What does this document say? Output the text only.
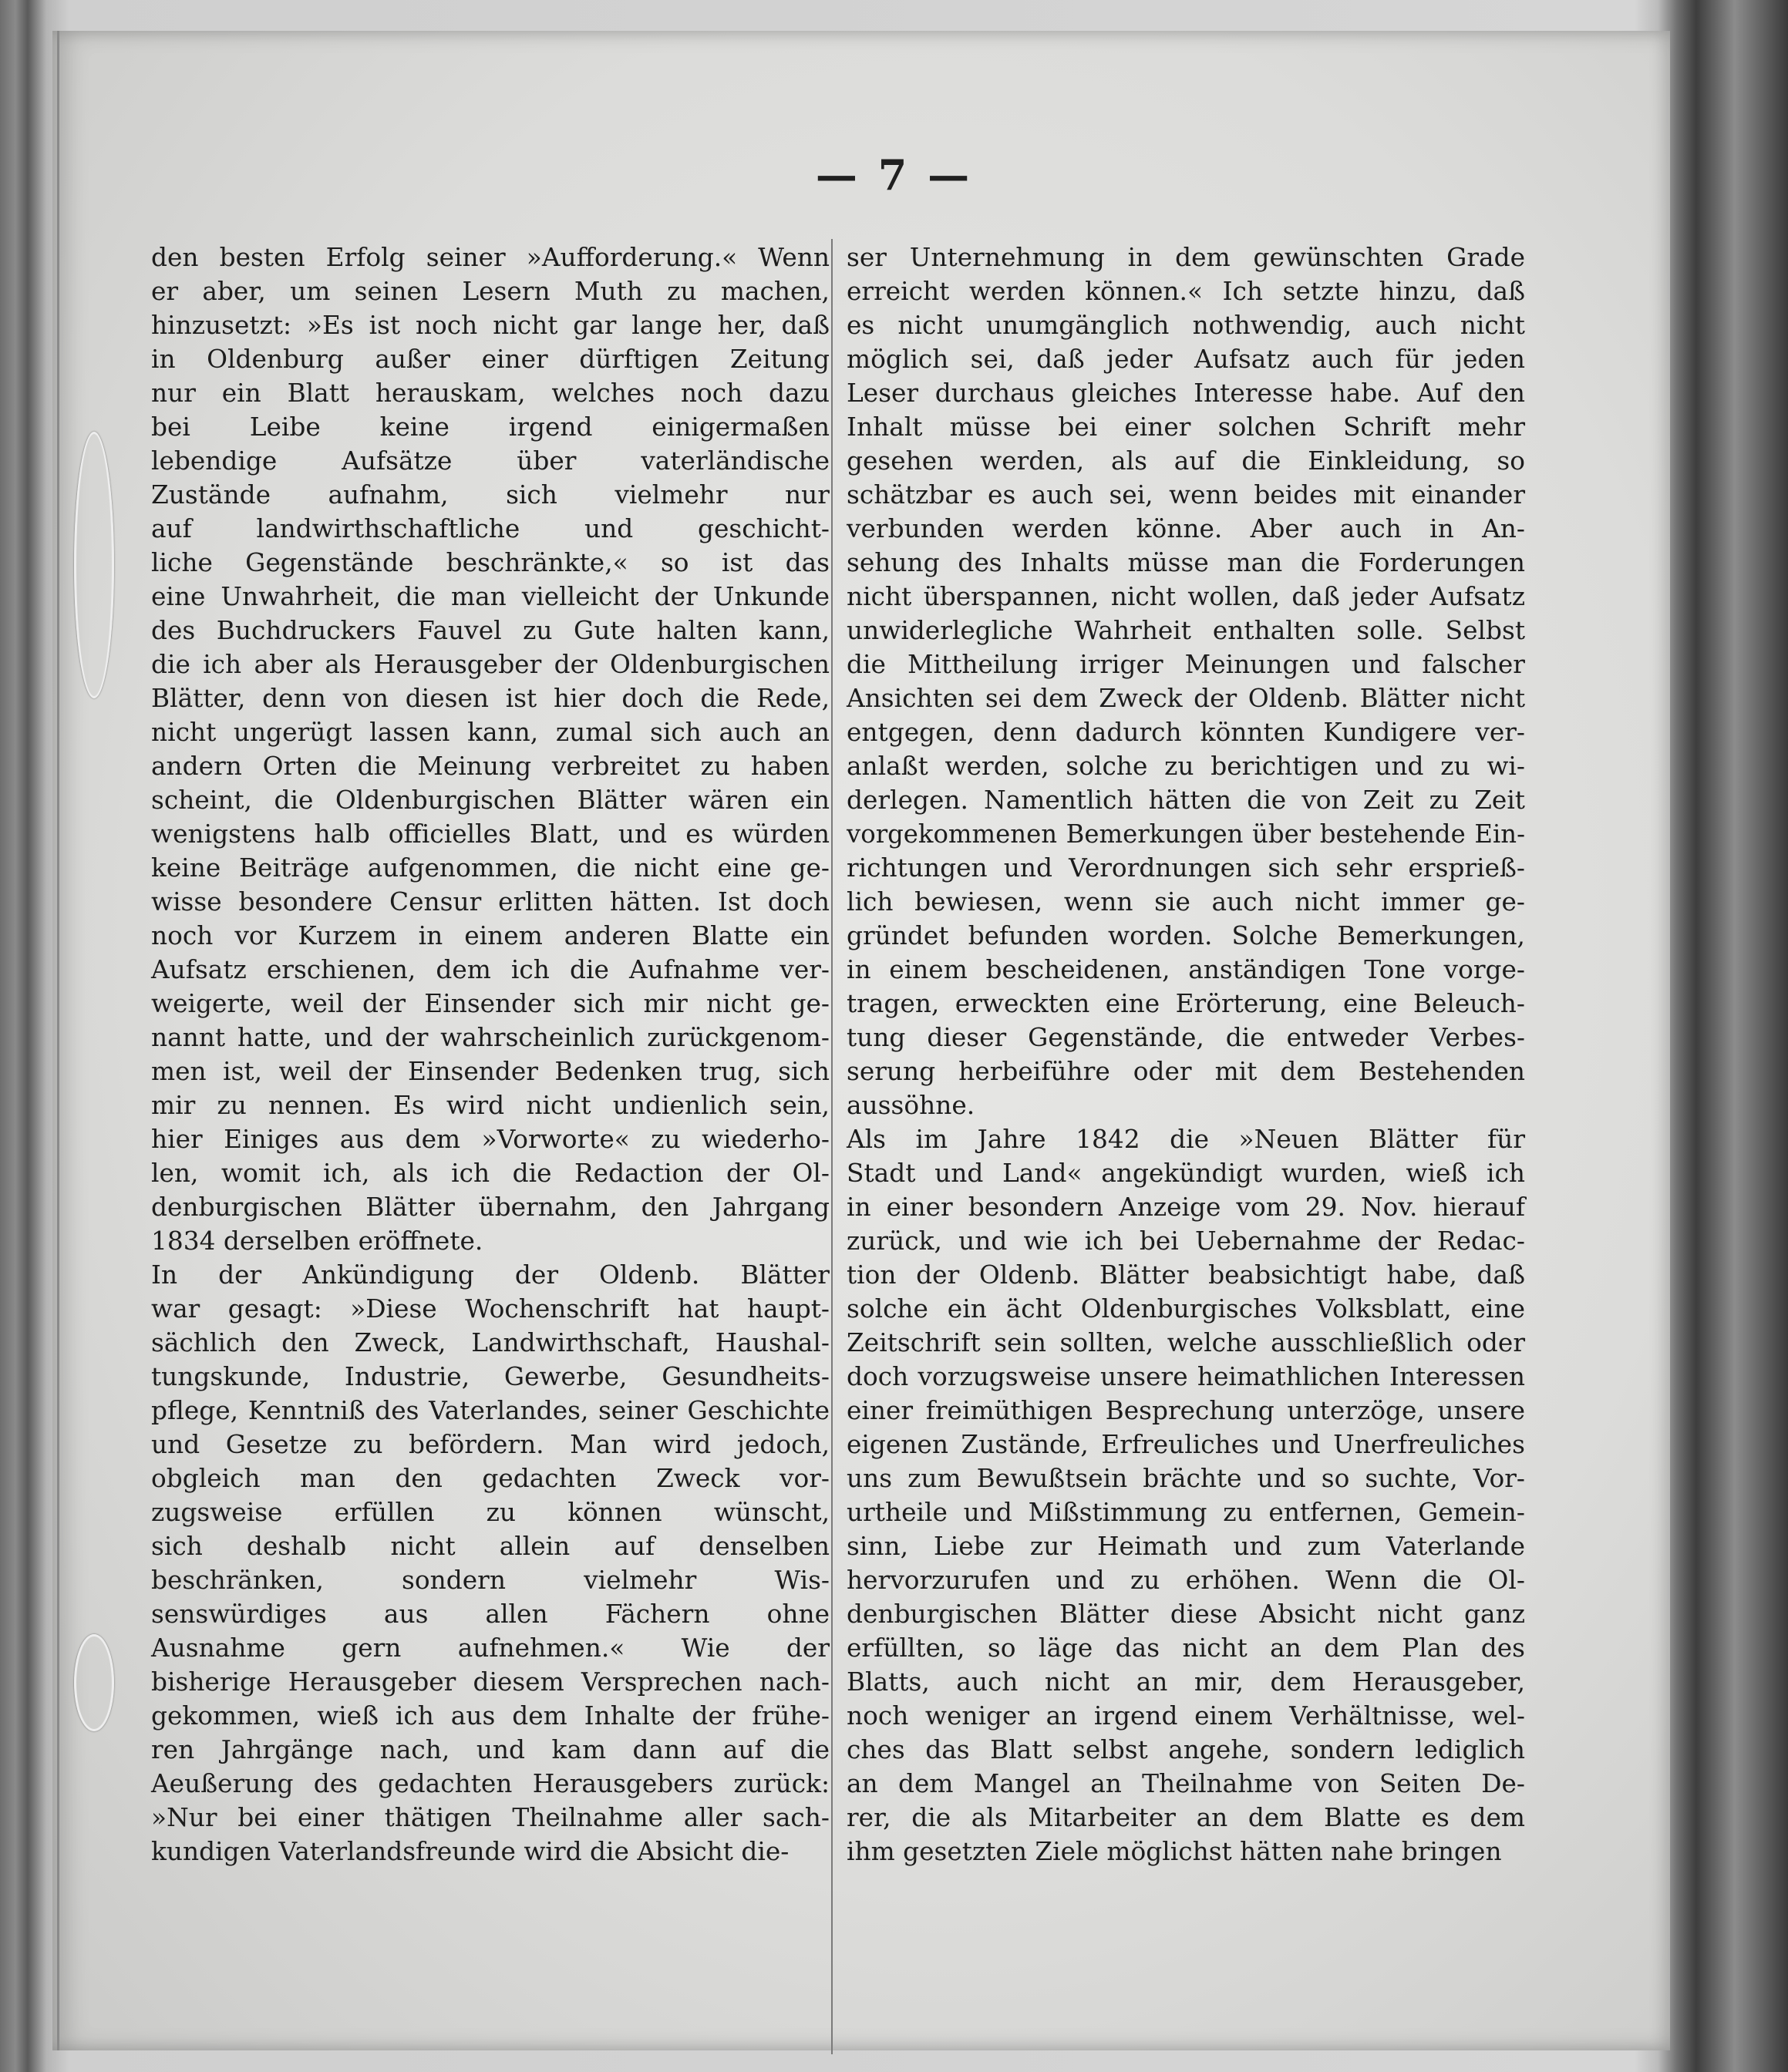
— 7 —
den besten Erfolg seiner »Aufforderung.« Wenn
er aber, um seinen Lesern Muth zu machen,
hinzusetzt: »Es ist noch nicht gar lange her, daß
in Oldenburg außer einer dürftigen Zeitung
nur ein Blatt herauskam, welches noch dazu
bei Leibe keine irgend einigermaßen
lebendige Aufsätze über vaterländische
Zustände aufnahm, sich vielmehr nur
auf landwirthschaftliche und geschicht-
liche Gegenstände beschränkte,« so ist das
eine Unwahrheit, die man vielleicht der Unkunde
des Buchdruckers Fauvel zu Gute halten kann,
die ich aber als Herausgeber der Oldenburgischen
Blätter, denn von diesen ist hier doch die Rede,
nicht ungerügt lassen kann, zumal sich auch an
andern Orten die Meinung verbreitet zu haben
scheint, die Oldenburgischen Blätter wären ein
wenigstens halb officielles Blatt, und es würden
keine Beiträge aufgenommen, die nicht eine ge-
wisse besondere Censur erlitten hätten. Ist doch
noch vor Kurzem in einem anderen Blatte ein
Aufsatz erschienen, dem ich die Aufnahme ver-
weigerte, weil der Einsender sich mir nicht ge-
nannt hatte, und der wahrscheinlich zurückgenom-
men ist, weil der Einsender Bedenken trug, sich
mir zu nennen. Es wird nicht undienlich sein,
hier Einiges aus dem »Vorworte« zu wiederho-
len, womit ich, als ich die Redaction der Ol-
denburgischen Blätter übernahm, den Jahrgang
1834 derselben eröffnete.
In der Ankündigung der Oldenb. Blätter
war gesagt: »Diese Wochenschrift hat haupt-
sächlich den Zweck, Landwirthschaft, Haushal-
tungskunde, Industrie, Gewerbe, Gesundheits-
pflege, Kenntniß des Vaterlandes, seiner Geschichte
und Gesetze zu befördern. Man wird jedoch,
obgleich man den gedachten Zweck vor-
zugsweise erfüllen zu können wünscht,
sich deshalb nicht allein auf denselben
beschränken, sondern vielmehr Wis-
senswürdiges aus allen Fächern ohne
Ausnahme gern aufnehmen.« Wie der
bisherige Herausgeber diesem Versprechen nach-
gekommen, wieß ich aus dem Inhalte der frühe-
ren Jahrgänge nach, und kam dann auf die
Aeußerung des gedachten Herausgebers zurück:
»Nur bei einer thätigen Theilnahme aller sach-
kundigen Vaterlandsfreunde wird die Absicht die-
ser Unternehmung in dem gewünschten Grade
erreicht werden können.« Ich setzte hinzu, daß
es nicht unumgänglich nothwendig, auch nicht
möglich sei, daß jeder Aufsatz auch für jeden
Leser durchaus gleiches Interesse habe. Auf den
Inhalt müsse bei einer solchen Schrift mehr
gesehen werden, als auf die Einkleidung, so
schätzbar es auch sei, wenn beides mit einander
verbunden werden könne. Aber auch in An-
sehung des Inhalts müsse man die Forderungen
nicht überspannen, nicht wollen, daß jeder Aufsatz
unwiderlegliche Wahrheit enthalten solle. Selbst
die Mittheilung irriger Meinungen und falscher
Ansichten sei dem Zweck der Oldenb. Blätter nicht
entgegen, denn dadurch könnten Kundigere ver-
anlaßt werden, solche zu berichtigen und zu wi-
derlegen. Namentlich hätten die von Zeit zu Zeit
vorgekommenen Bemerkungen über bestehende Ein-
richtungen und Verordnungen sich sehr ersprieß-
lich bewiesen, wenn sie auch nicht immer ge-
gründet befunden worden. Solche Bemerkungen,
in einem bescheidenen, anständigen Tone vorge-
tragen, erweckten eine Erörterung, eine Beleuch-
tung dieser Gegenstände, die entweder Verbes-
serung herbeiführe oder mit dem Bestehenden
aussöhne.
Als im Jahre 1842 die »Neuen Blätter für
Stadt und Land« angekündigt wurden, wieß ich
in einer besondern Anzeige vom 29. Nov. hierauf
zurück, und wie ich bei Uebernahme der Redac-
tion der Oldenb. Blätter beabsichtigt habe, daß
solche ein ächt Oldenburgisches Volksblatt, eine
Zeitschrift sein sollten, welche ausschließlich oder
doch vorzugsweise unsere heimathlichen Interessen
einer freimüthigen Besprechung unterzöge, unsere
eigenen Zustände, Erfreuliches und Unerfreuliches
uns zum Bewußtsein brächte und so suchte, Vor-
urtheile und Mißstimmung zu entfernen, Gemein-
sinn, Liebe zur Heimath und zum Vaterlande
hervorzurufen und zu erhöhen. Wenn die Ol-
denburgischen Blätter diese Absicht nicht ganz
erfüllten, so läge das nicht an dem Plan des
Blatts, auch nicht an mir, dem Herausgeber,
noch weniger an irgend einem Verhältnisse, wel-
ches das Blatt selbst angehe, sondern lediglich
an dem Mangel an Theilnahme von Seiten De-
rer, die als Mitarbeiter an dem Blatte es dem
ihm gesetzten Ziele möglichst hätten nahe bringen
